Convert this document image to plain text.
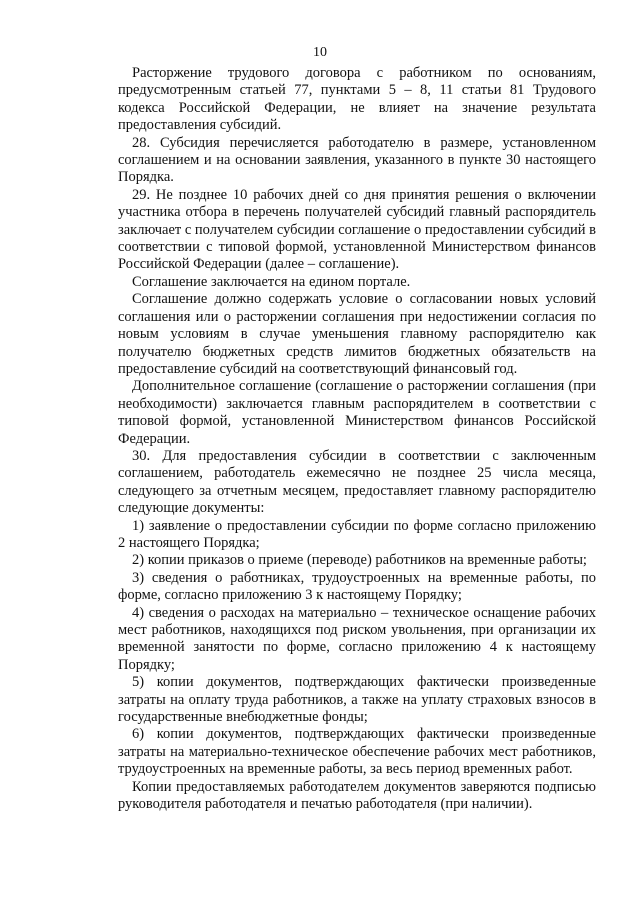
10

Расторжение трудового договора с работником по основаниям, предусмотренным статьей 77, пунктами 5 – 8, 11 статьи 81 Трудового кодекса Российской Федерации, не влияет на значение результата предоставления субсидий.

28. Субсидия перечисляется работодателю в размере, установленном соглашением и на основании заявления, указанного в пункте 30 настоящего Порядка.

29. Не позднее 10 рабочих дней со дня принятия решения о включении участника отбора в перечень получателей субсидий главный распорядитель заключает с получателем субсидии соглашение о предоставлении субсидий в соответствии с типовой формой, установленной Министерством финансов Российской Федерации (далее – соглашение).

Соглашение заключается на едином портале.

Соглашение должно содержать условие о согласовании новых условий соглашения или о расторжении соглашения при недостижении согласия по новым условиям в случае уменьшения главному распорядителю как получателю бюджетных средств лимитов бюджетных обязательств на предоставление субсидий на соответствующий финансовый год.

Дополнительное соглашение (соглашение о расторжении соглашения (при необходимости) заключается главным распорядителем в соответствии с типовой формой, установленной Министерством финансов Российской Федерации.

30. Для предоставления субсидии в соответствии с заключенным соглашением, работодатель ежемесячно не позднее 25 числа месяца, следующего за отчетным месяцем, предоставляет главному распорядителю следующие документы:

1) заявление о предоставлении субсидии по форме согласно приложению 2 настоящего Порядка;

2) копии приказов о приеме (переводе) работников на временные работы;

3) сведения о работниках, трудоустроенных на временные работы, по форме, согласно приложению 3 к настоящему Порядку;

4) сведения о расходах на материально – техническое оснащение рабочих мест работников, находящихся под риском увольнения, при организации их временной занятости по форме, согласно приложению 4 к настоящему Порядку;

5) копии документов, подтверждающих фактически произведенные затраты на оплату труда работников, а также на уплату страховых взносов в государственные внебюджетные фонды;

6) копии документов, подтверждающих фактически произведенные затраты на материально-техническое обеспечение рабочих мест работников, трудоустроенных на временные работы, за весь период временных работ.

Копии предоставляемых работодателем документов заверяются подписью руководителя работодателя и печатью работодателя (при наличии).
